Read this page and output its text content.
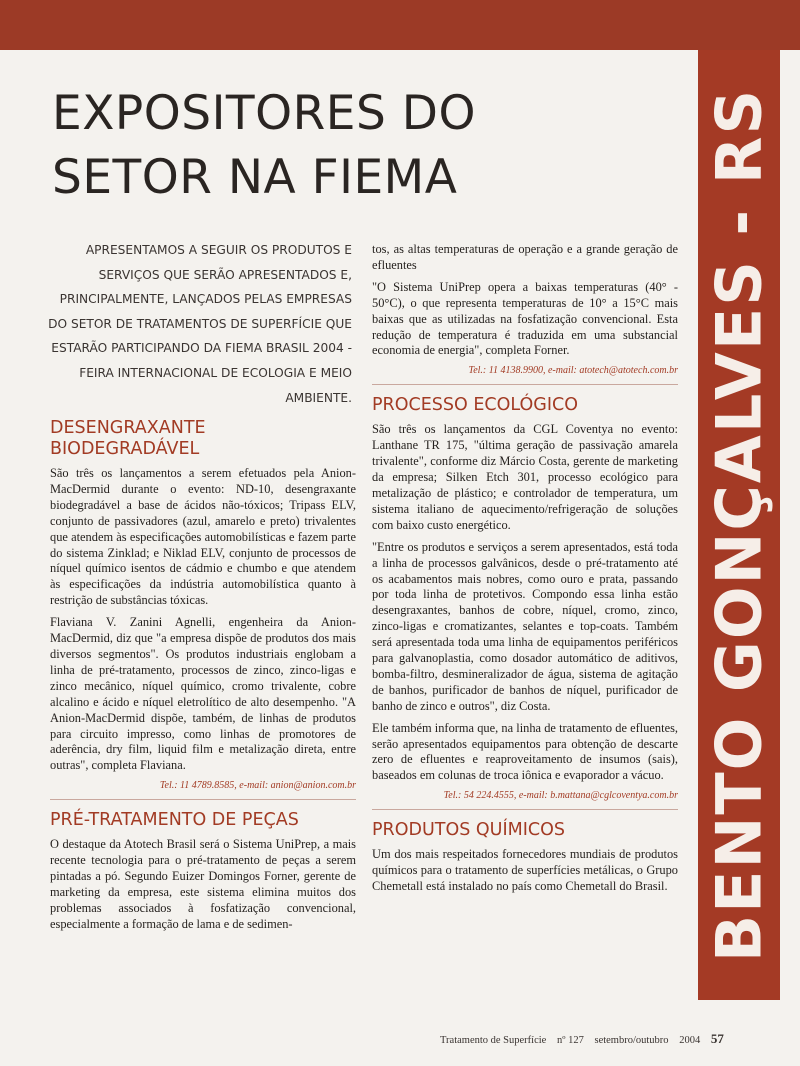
BENTO GONÇALVES - RS
EXPOSITORES DO
SETOR NA FIEMA
APRESENTAMOS A SEGUIR OS PRODUTOS E SERVIÇOS QUE SERÃO APRESENTADOS E, PRINCIPALMENTE, LANÇADOS PELAS EMPRESAS DO SETOR DE TRATAMENTOS DE SUPERFÍCIE QUE ESTARÃO PARTICIPANDO DA FIEMA BRASIL 2004 - FEIRA INTERNACIONAL DE ECOLOGIA E MEIO AMBIENTE.
DESENGRAXANTE
BIODEGRADÁVEL

São três os lançamentos a serem efetuados pela Anion-MacDermid durante o evento: ND-10, desengraxante biodegradável a base de ácidos não-tóxicos; Tripass ELV, conjunto de passivadores (azul, amarelo e preto) trivalentes que atendem às especificações automobilísticas e fazem parte do sistema Zinklad; e Niklad ELV, conjunto de processos de níquel químico isentos de cádmio e chumbo e que atendem às especificações da indústria automobilística quanto à restrição de substâncias tóxicas.

Flaviana V. Zanini Agnelli, engenheira da Anion-MacDermid, diz que "a empresa dispõe de produtos dos mais diversos segmentos". Os produtos industriais englobam a linha de pré-tratamento, processos de zinco, zinco-ligas e zinco mecânico, níquel químico, cromo trivalente, cobre alcalino e ácido e níquel eletrolítico de alto desempenho. "A Anion-MacDermid dispõe, também, de linhas de produtos para circuito impresso, como linhas de promotores de aderência, dry film, liquid film e metalização direta, entre outras", completa Flaviana.

Tel.: 11 4789.8585, e-mail: anion@anion.com.br
PRÉ-TRATAMENTO DE PEÇAS

O destaque da Atotech Brasil será o Sistema UniPrep, a mais recente tecnologia para o pré-tratamento de peças a serem pintadas a pó. Segundo Euizer Domingos Forner, gerente de marketing da empresa, este sistema elimina muitos dos problemas associados à fosfatização convencional, especialmente a formação de lama e de sedimen-

tos, as altas temperaturas de operação e a grande geração de efluentes

"O Sistema UniPrep opera a baixas temperaturas (40° - 50°C), o que representa temperaturas de 10° a 15°C mais baixas que as utilizadas na fosfatização convencional. Esta redução de temperatura é traduzida em uma substancial economia de energia", completa Forner.

Tel.: 11 4138.9900, e-mail: atotech@atotech.com.br
PROCESSO ECOLÓGICO

São três os lançamentos da CGL Coventya no evento: Lanthane TR 175, "última geração de passivação amarela trivalente", conforme diz Márcio Costa, gerente de marketing da empresa; Silken Etch 301, processo ecológico para metalização de plástico; e controlador de temperatura, um sistema italiano de aquecimento/refrigeração de soluções com baixo custo energético.

"Entre os produtos e serviços a serem apresentados, está toda a linha de processos galvânicos, desde o pré-tratamento até os acabamentos mais nobres, como ouro e prata, passando por toda linha de protetivos. Compondo essa linha estão desengraxantes, banhos de cobre, níquel, cromo, zinco, zinco-ligas e cromatizantes, selantes e top-coats. Também será apresentada toda uma linha de equipamentos periféricos para galvanoplastia, como dosador automático de aditivos, bomba-filtro, desmineralizador de água, sistema de agitação de banhos, purificador de banhos de níquel, purificador de banho de zinco e outros", diz Costa.

Ele também informa que, na linha de tratamento de efluentes, serão apresentados equipamentos para obtenção de descarte zero de efluentes e reaproveitamento de insumos (sais), baseados em colunas de troca iônica e evaporador a vácuo.

Tel.: 54 224.4555, e-mail: b.mattana@cglcoventya.com.br
PRODUTOS QUÍMICOS

Um dos mais respeitados fornecedores mundiais de produtos químicos para o tratamento de superfícies metálicas, o Grupo Chemetall está instalado no país como Chemetall do Brasil.

Tratamento de Superfície nº 127 setembro/outubro 2004 57
